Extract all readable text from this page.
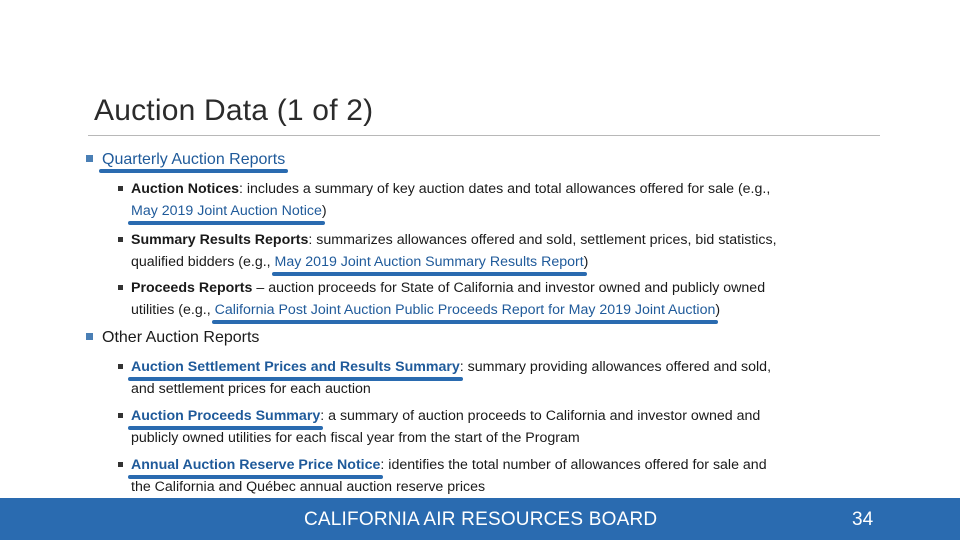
Auction Data (1 of 2)
Quarterly Auction Reports
Auction Notices: includes a summary of key auction dates and total allowances offered for sale (e.g.,
May 2019 Joint Auction Notice)
Summary Results Reports: summarizes allowances offered and sold, settlement prices, bid statistics,
qualified bidders (e.g., May 2019 Joint Auction Summary Results Report)
Proceeds Reports – auction proceeds for State of California and investor owned and publicly owned
utilities (e.g., California Post Joint Auction Public Proceeds Report for May 2019 Joint Auction)
Other Auction Reports
Auction Settlement Prices and Results Summary: summary providing allowances offered and sold,
and settlement prices for each auction
Auction Proceeds Summary: a summary of auction proceeds to California and investor owned and
publicly owned utilities for each fiscal year from the start of the Program
Annual Auction Reserve Price Notice: identifies the total number of allowances offered for sale and
the California and Québec annual auction reserve prices
CALIFORNIA AIR RESOURCES BOARD	34
